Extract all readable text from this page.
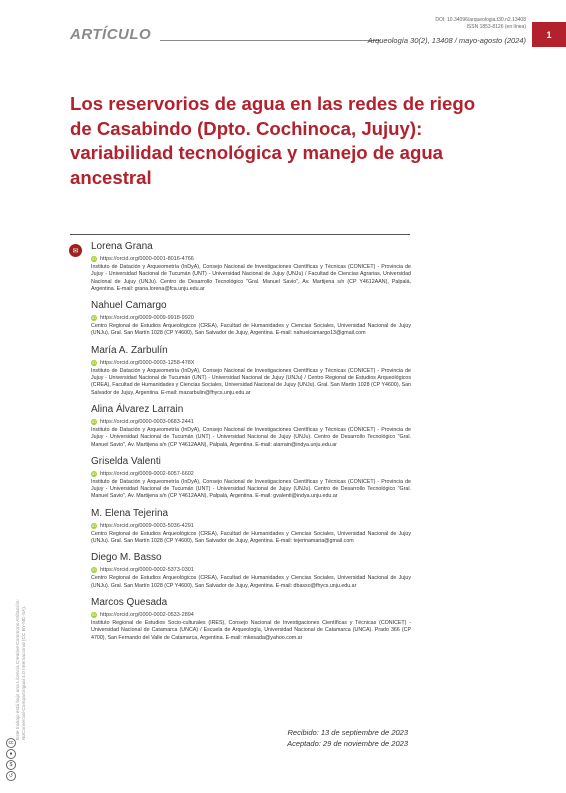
ARTÍCULO
DOI: 10.34096/arqueologia.t30.n2.13408
ISSN 1853-8126 (en línea)
Arqueología 30(2), 13408 / mayo-agosto (2024)
1
Los reservorios de agua en las redes de riego de Casabindo (Dpto. Cochinoca, Jujuy): variabilidad tecnológica y manejo de agua ancestral
✉	Lorena Grana
iD https://orcid.org/0000-0001-8016-4766
Instituto de Datación y Arqueometría (InDyA), Consejo Nacional de Investigaciones Científicas y Técnicas (CONICET) - Provincia de Jujuy - Universidad Nacional de Tucumán (UNT) - Universidad Nacional de Jujuy (UNJu) / Facultad de Ciencias Agrarias, Universidad Nacional de Jujuy (UNJu). Centro de Desarrollo Tecnológico "Gral. Manuel Savio", Av. Martijena s/n (CP Y4612AAN), Palpalá, Argentina. E-mail: grana.lorena@fca.unju.edu.ar
Nahuel Camargo
iD https://orcid.org/0009-0009-9918-9920
Centro Regional de Estudios Arqueológicos (CREA), Facultad de Humanidades y Ciencias Sociales, Universidad Nacional de Jujuy (UNJu), Gral. San Martín 1028 (CP Y4600), San Salvador de Jujuy, Argentina. E-mail: nahuelcamargo13@gmail.com
María A. Zarbulín
iD https://orcid.org/0000-0003-1258-478X
Instituto de Datación y Arqueometría (InDyA), Consejo Nacional de Investigaciones Científicas y Técnicas (CONICET) - Provincia de Jujuy - Universidad Nacional de Tucumán (UNT) - Universidad Nacional de Jujuy (UNJu) / Centro Regional de Estudios Arqueológicos (CREA), Facultad de Humanidades y Ciencias Sociales, Universidad Nacional de Jujuy (UNJu). Gral. San Martín 1028 (CP Y4600), San Salvador de Jujuy, Argentina. E-mail: mazarbulin@fhycs.unju.edu.ar
Alina Álvarez Larrain
iD https://orcid.org/0000-0003-0683-2441
Instituto de Datación y Arqueometría (InDyA), Consejo Nacional de Investigaciones Científicas y Técnicas (CONICET) - Provincia de Jujuy - Universidad Nacional de Tucumán (UNT) - Universidad Nacional de Jujuy (UNJu). Centro de Desarrollo Tecnológico "Gral. Manuel Savio", Av. Martijena s/n (CP Y4612AAN), Palpalá, Argentina. E-mail: alarrain@indya.unju.edu.ar
Griselda Valenti
iD https://orcid.org/0009-0002-6057-6602
Instituto de Datación y Arqueometría (InDyA), Consejo Nacional de Investigaciones Científicas y Técnicas (CONICET) - Provincia de Jujuy - Universidad Nacional de Tucumán (UNT) - Universidad Nacional de Jujuy (UNJu). Centro de Desarrollo Tecnológico "Gral. Manuel Savio", Av. Martijena s/n (CP Y4612AAN), Palpalá, Argentina. E-mail: gvalenti@indya.unju.edu.ar
M. Elena Tejerina
iD https://orcid.org/0009-0003-5036-4291
Centro Regional de Estudios Arqueológicos (CREA), Facultad de Humanidades y Ciencias Sociales, Universidad Nacional de Jujuy (UNJu). Gral. San Martín 1028 (CP Y4600), San Salvador de Jujuy, Argentina. E-mail: tejerinamaria@gmail.com
Diego M. Basso
iD https://orcid.org/0000-0002-5373-0301
Centro Regional de Estudios Arqueológicos (CREA), Facultad de Humanidades y Ciencias Sociales, Universidad Nacional de Jujuy (UNJu). Gral. San Martín 1028 (CP Y4600), San Salvador de Jujuy, Argentina. E-mail: dbasso@fhycs.unju.edu.ar
Marcos Quesada
iD https://orcid.org/0000-0002-0533-2894
Instituto Regional de Estudios Socio-culturales (IRES), Consejo Nacional de Investigaciones Científicas y Técnicas (CONICET) - Universidad Nacional de Catamarca (UNCA) / Escuela de Arqueología, Universidad Nacional de Catamarca (UNCA). Prado 366 (CP 4700), San Fernando del Valle de Catamarca, Argentina. E-mail: mkesada@yahoo.com.ar
Recibido: 13 de septiembre de 2023
Aceptado: 29 de noviembre de 2023
Este trabajo está bajo una Licencia Creative Commons Atribución- NoComercial-CompartirIgual 4.0 Internacional (CC BY-NC-SA).
cc
●
$
↺
